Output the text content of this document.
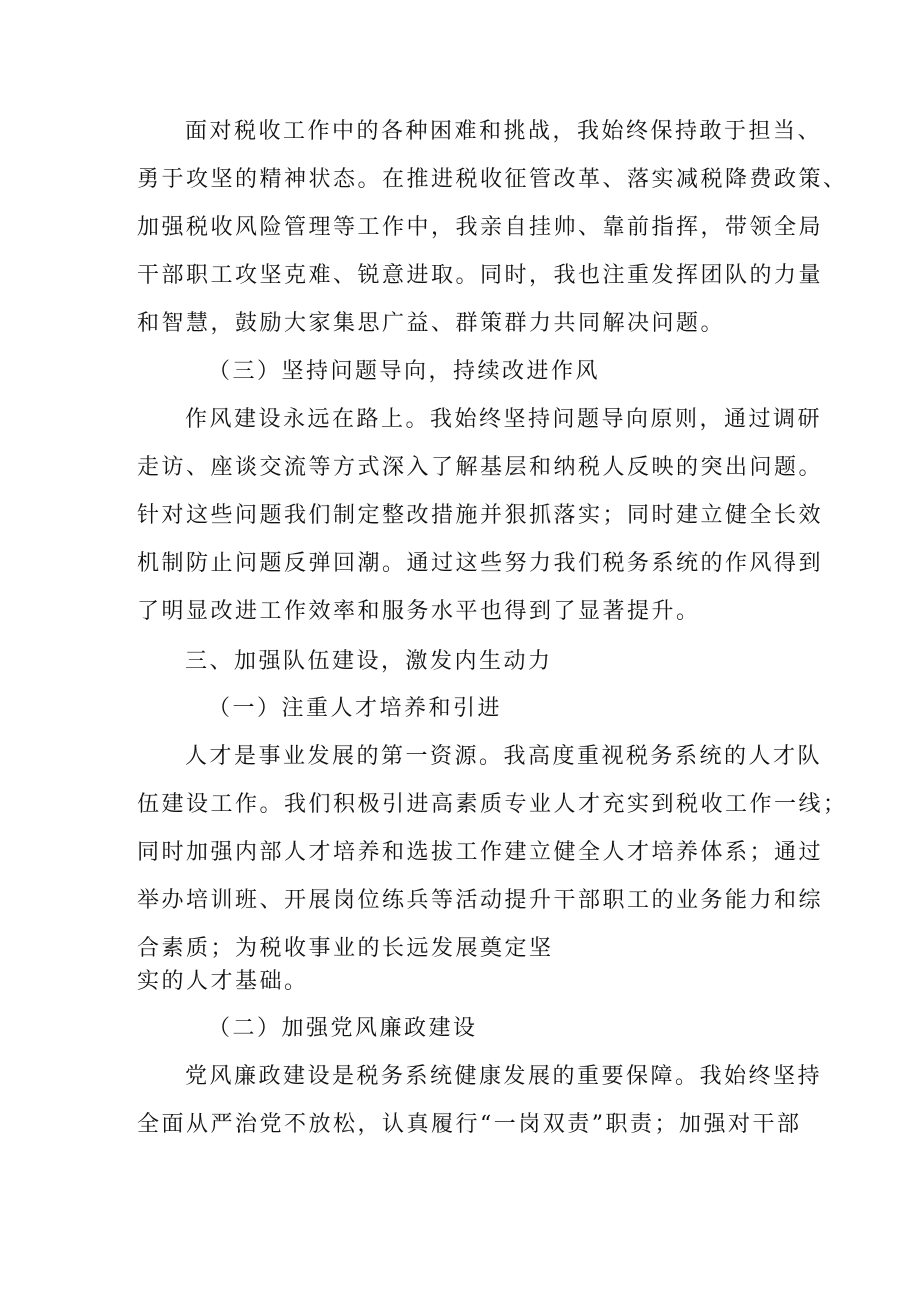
面对税收工作中的各种困难和挑战，我始终保持敢于担当、
勇于攻坚的精神状态。在推进税收征管改革、落实减税降费政策、
加强税收风险管理等工作中，我亲自挂帅、靠前指挥，带领全局
干部职工攻坚克难、锐意进取。同时，我也注重发挥团队的力量
和智慧，鼓励大家集思广益、群策群力共同解决问题。
（三）坚持问题导向，持续改进作风
作风建设永远在路上。我始终坚持问题导向原则，通过调研
走访、座谈交流等方式深入了解基层和纳税人反映的突出问题。
针对这些问题我们制定整改措施并狠抓落实；同时建立健全长效
机制防止问题反弹回潮。通过这些努力我们税务系统的作风得到
了明显改进工作效率和服务水平也得到了显著提升。
三、加强队伍建设，激发内生动力
（一）注重人才培养和引进
人才是事业发展的第一资源。我高度重视税务系统的人才队
伍建设工作。我们积极引进高素质专业人才充实到税收工作一线；
同时加强内部人才培养和选拔工作建立健全人才培养体系；通过
举办培训班、开展岗位练兵等活动提升干部职工的业务能力和综
合素质；为税收事业的长远发展奠定坚
实的人才基础。
（二）加强党风廉政建设
党风廉政建设是税务系统健康发展的重要保障。我始终坚持
全面从严治党不放松，认真履行“一岗双责”职责；加强对干部
